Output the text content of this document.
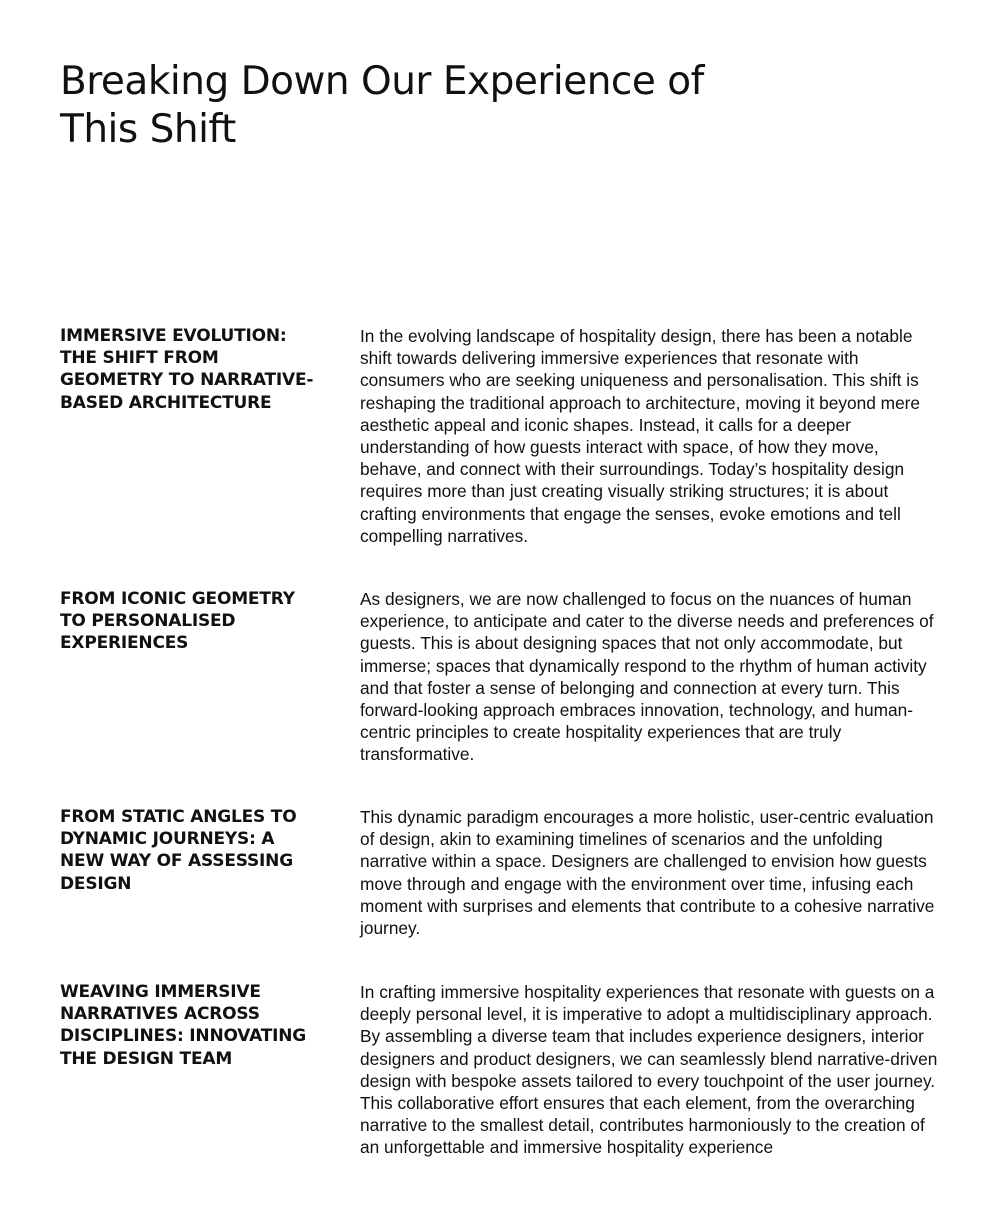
Breaking Down Our Experience of
This Shift
IMMERSIVE EVOLUTION:
THE SHIFT FROM
GEOMETRY TO NARRATIVE-
BASED ARCHITECTURE

In the evolving landscape of hospitality design, there has been a notable shift towards delivering immersive experiences that resonate with consumers who are seeking uniqueness and personalisation. This shift is reshaping the traditional approach to architecture, moving it beyond mere aesthetic appeal and iconic shapes. Instead, it calls for a deeper understanding of how guests interact with space, of how they move, behave, and connect with their surroundings. Today’s hospitality design requires more than just creating visually striking structures; it is about crafting environments that engage the senses, evoke emotions and tell compelling narratives.

FROM ICONIC GEOMETRY
TO PERSONALISED
EXPERIENCES

As designers, we are now challenged to focus on the nuances of human experience, to anticipate and cater to the diverse needs and preferences of guests. This is about designing spaces that not only accommodate, but immerse; spaces that dynamically respond to the rhythm of human activity and that foster a sense of belonging and connection at every turn. This forward-looking approach embraces innovation, technology, and human-centric principles to create hospitality experiences that are truly transformative.

FROM STATIC ANGLES TO
DYNAMIC JOURNEYS: A
NEW WAY OF ASSESSING
DESIGN

This dynamic paradigm encourages a more holistic, user-centric evaluation of design, akin to examining timelines of scenarios and the unfolding narrative within a space. Designers are challenged to envision how guests move through and engage with the environment over time, infusing each moment with surprises and elements that contribute to a cohesive narrative journey.

WEAVING IMMERSIVE
NARRATIVES ACROSS
DISCIPLINES: INNOVATING
THE DESIGN TEAM

In crafting immersive hospitality experiences that resonate with guests on a deeply personal level, it is imperative to adopt a multidisciplinary approach. By assembling a diverse team that includes experience designers, interior designers and product designers, we can seamlessly blend narrative-driven design with bespoke assets tailored to every touchpoint of the user journey. This collaborative effort ensures that each element, from the overarching narrative to the smallest detail, contributes harmoniously to the creation of an unforgettable and immersive hospitality experience
